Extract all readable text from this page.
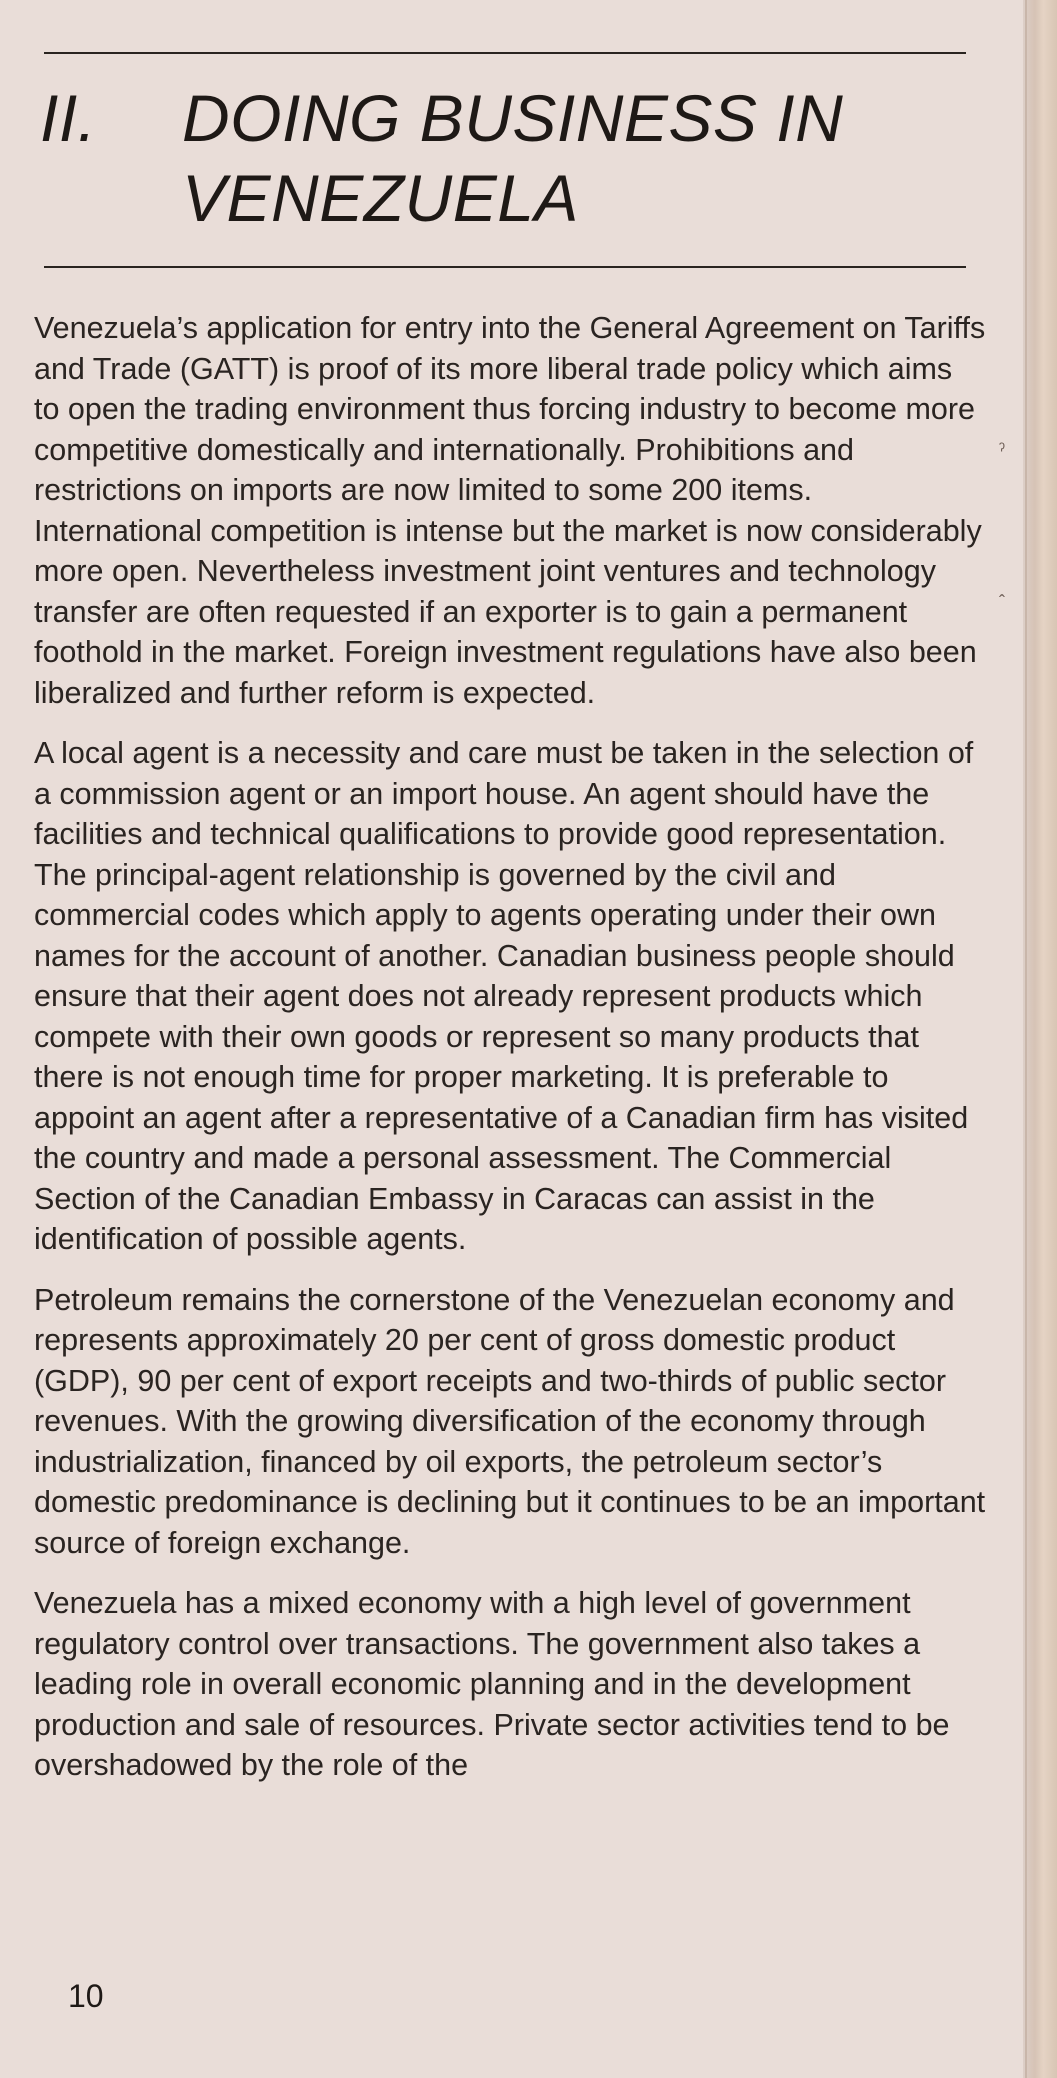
II. DOING BUSINESS IN VENEZUELA

Venezuela’s application for entry into the General Agreement on Tariffs and Trade (GATT) is proof of its more liberal trade policy which aims to open the trading environment thus forcing industry to become more competitive domestically and internationally. Prohibitions and restrictions on imports are now limited to some 200 items. International competition is intense but the market is now considerably more open. Nevertheless investment joint ventures and technology transfer are often requested if an exporter is to gain a permanent foothold in the market. Foreign investment regulations have also been liberalized and further reform is expected.

A local agent is a necessity and care must be taken in the selection of a commission agent or an import house. An agent should have the facilities and technical qualifications to provide good representation. The principal-agent relationship is governed by the civil and commercial codes which apply to agents operating under their own names for the account of another. Canadian business people should ensure that their agent does not already represent products which compete with their own goods or represent so many products that there is not enough time for proper marketing. It is preferable to appoint an agent after a representative of a Canadian firm has visited the country and made a personal assessment. The Commercial Section of the Canadian Embassy in Caracas can assist in the identification of possible agents.

Petroleum remains the cornerstone of the Venezuelan economy and represents approximately 20 per cent of gross domestic product (GDP), 90 per cent of export receipts and two-thirds of public sector revenues. With the growing diversification of the economy through industrialization, financed by oil exports, the petroleum sector’s domestic predominance is declining but it continues to be an important source of foreign exchange.

Venezuela has a mixed economy with a high level of government regulatory control over transactions. The government also takes a leading role in overall economic planning and in the development production and sale of resources. Private sector activities tend to be overshadowed by the role of the

ˀ
ˆ
10
